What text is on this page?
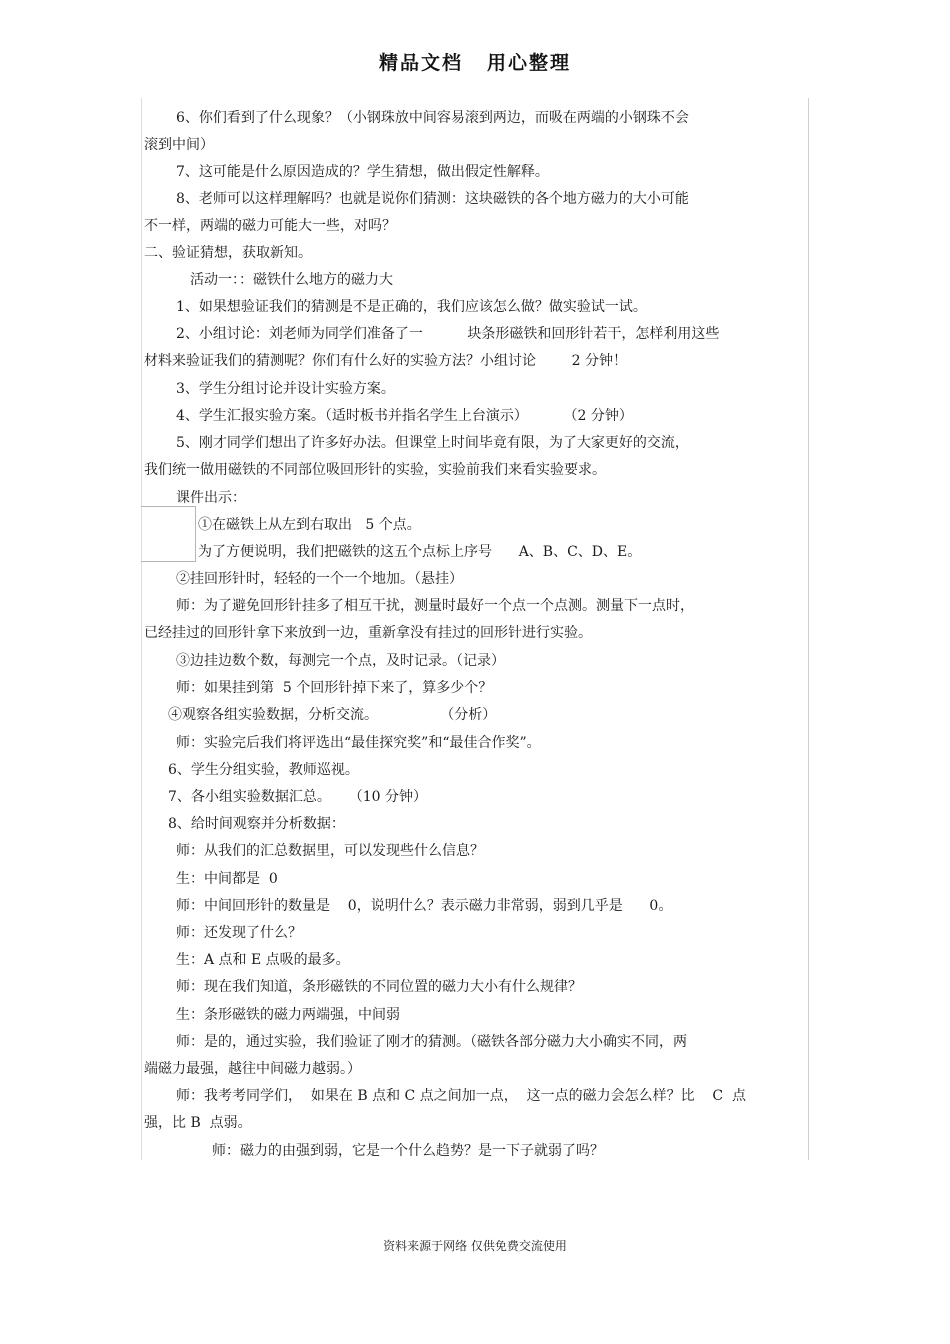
精品文档 用心整理
6、你们看到了什么现象？（小钢珠放中间容易滚到两边，而吸在两端的小钢珠不会
滚到中间）
7、这可能是什么原因造成的？学生猜想，做出假定性解释。
8、老师可以这样理解吗？也就是说你们猜测：这块磁铁的各个地方磁力的大小可能
不一样，两端的磁力可能大一些，对吗？
二、验证猜想，获取新知。
活动一：：磁铁什么地方的磁力大
1、如果想验证我们的猜测是不是正确的，我们应该怎么做？做实验试一试。
2、小组讨论：刘老师为同学们准备了一          块条形磁铁和回形针若干，怎样利用这些
材料来验证我们的猜测呢？你们有什么好的实验方法？小组讨论        2 分钟！
3、学生分组讨论并设计实验方案。
4、学生汇报实验方案。（适时板书并指名学生上台演示）        （2 分钟）
5、刚才同学们想出了许多好办法。但课堂上时间毕竟有限，为了大家更好的交流，
我们统一做用磁铁的不同部位吸回形针的实验，实验前我们来看实验要求。
课件出示：
①在磁铁上从左到右取出   5 个点。
为了方便说明，我们把磁铁的这五个点标上序号      A、B、C、D、E。
②挂回形针时，轻轻的一个一个地加。（悬挂）
师：为了避免回形针挂多了相互干扰，测量时最好一个点一个点测。测量下一点时，
已经挂过的回形针拿下来放到一边，重新拿没有挂过的回形针进行实验。
③边挂边数个数，每测完一个点，及时记录。（记录）
师：如果挂到第  5 个回形针掉下来了，算多少个？
④观察各组实验数据，分析交流。              （分析）
师：实验完后我们将评选出“最佳探究奖”和“最佳合作奖”。
6、学生分组实验，教师巡视。
7、各小组实验数据汇总。    （10 分钟）
8、给时间观察并分析数据：
师：从我们的汇总数据里，可以发现些什么信息？
生：中间都是  0
师：中间回形针的数量是    0，说明什么？表示磁力非常弱，弱到几乎是      0。
师：还发现了什么？
生：A 点和 E 点吸的最多。
师：现在我们知道，条形磁铁的不同位置的磁力大小有什么规律？
生：条形磁铁的磁力两端强，中间弱
师：是的，通过实验，我们验证了刚才的猜测。（磁铁各部分磁力大小确实不同，两
端磁力最强，越往中间磁力越弱。）
师：我考考同学们，  如果在 B 点和 C 点之间加一点，  这一点的磁力会怎么样？比    C  点
强，比 B  点弱。
师：磁力的由强到弱，它是一个什么趋势？是一下子就弱了吗？
资料来源于网络 仅供免费交流使用
